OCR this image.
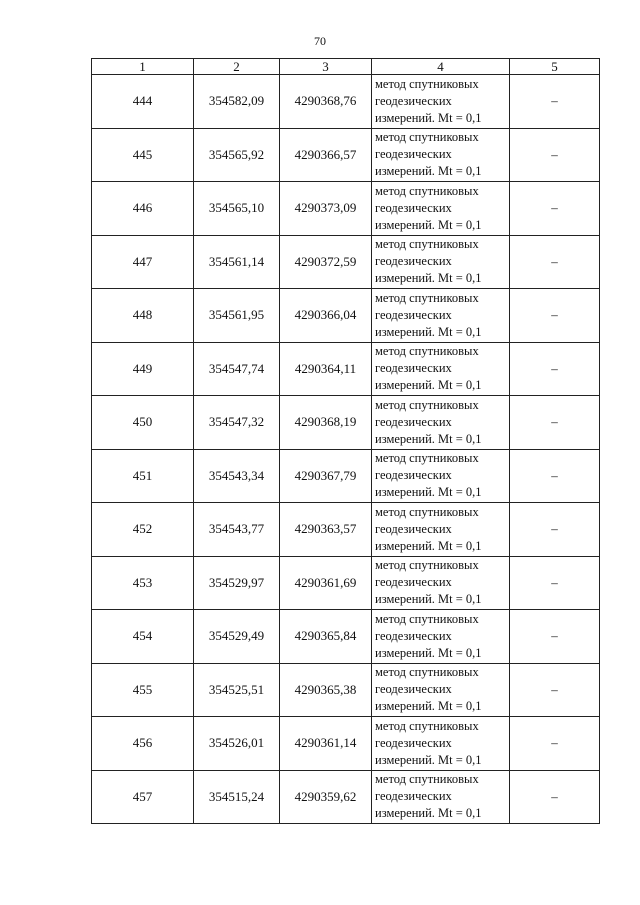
70
1	2	3	4	5
444	354582,09	4290368,76	метод спутниковых
геодезических
измерений. Mt = 0,1	–
445	354565,92	4290366,57	метод спутниковых
геодезических
измерений. Mt = 0,1	–
446	354565,10	4290373,09	метод спутниковых
геодезических
измерений. Mt = 0,1	–
447	354561,14	4290372,59	метод спутниковых
геодезических
измерений. Mt = 0,1	–
448	354561,95	4290366,04	метод спутниковых
геодезических
измерений. Mt = 0,1	–
449	354547,74	4290364,11	метод спутниковых
геодезических
измерений. Mt = 0,1	–
450	354547,32	4290368,19	метод спутниковых
геодезических
измерений. Mt = 0,1	–
451	354543,34	4290367,79	метод спутниковых
геодезических
измерений. Mt = 0,1	–
452	354543,77	4290363,57	метод спутниковых
геодезических
измерений. Mt = 0,1	–
453	354529,97	4290361,69	метод спутниковых
геодезических
измерений. Mt = 0,1	–
454	354529,49	4290365,84	метод спутниковых
геодезических
измерений. Mt = 0,1	–
455	354525,51	4290365,38	метод спутниковых
геодезических
измерений. Mt = 0,1	–
456	354526,01	4290361,14	метод спутниковых
геодезических
измерений. Mt = 0,1	–
457	354515,24	4290359,62	метод спутниковых
геодезических
измерений. Mt = 0,1	–
